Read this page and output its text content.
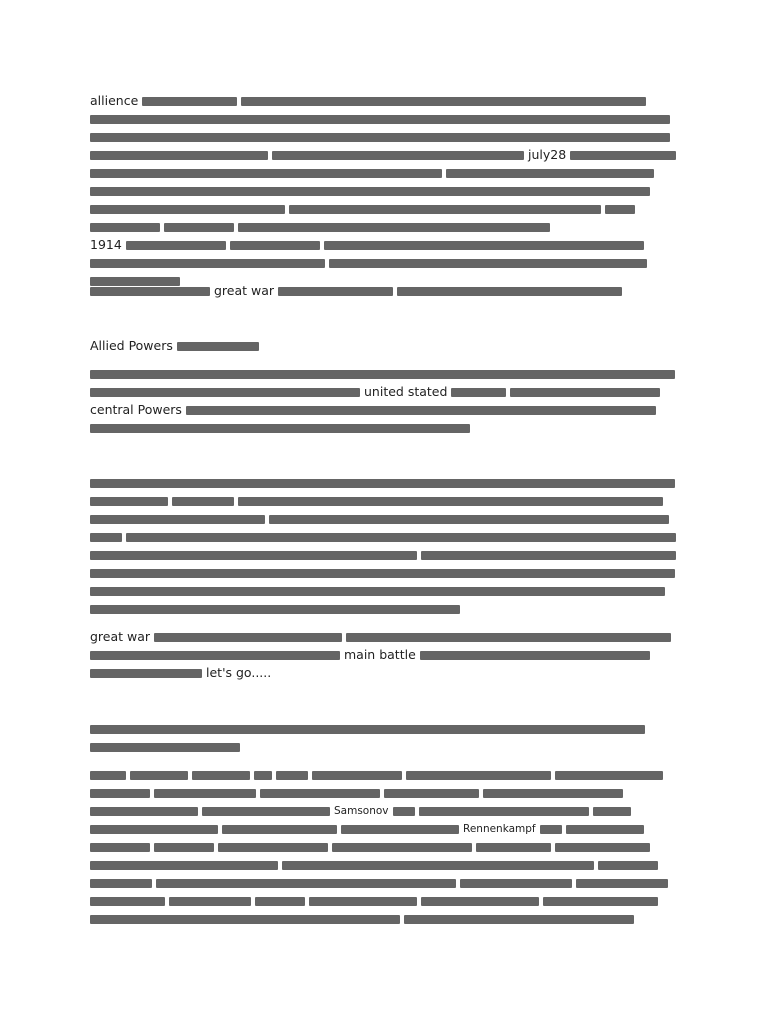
allience
july28
1914
great war
Allied Powers
united stated
central Powers
great war
main battle
let's go.....
Samsonov
Rennenkampf
